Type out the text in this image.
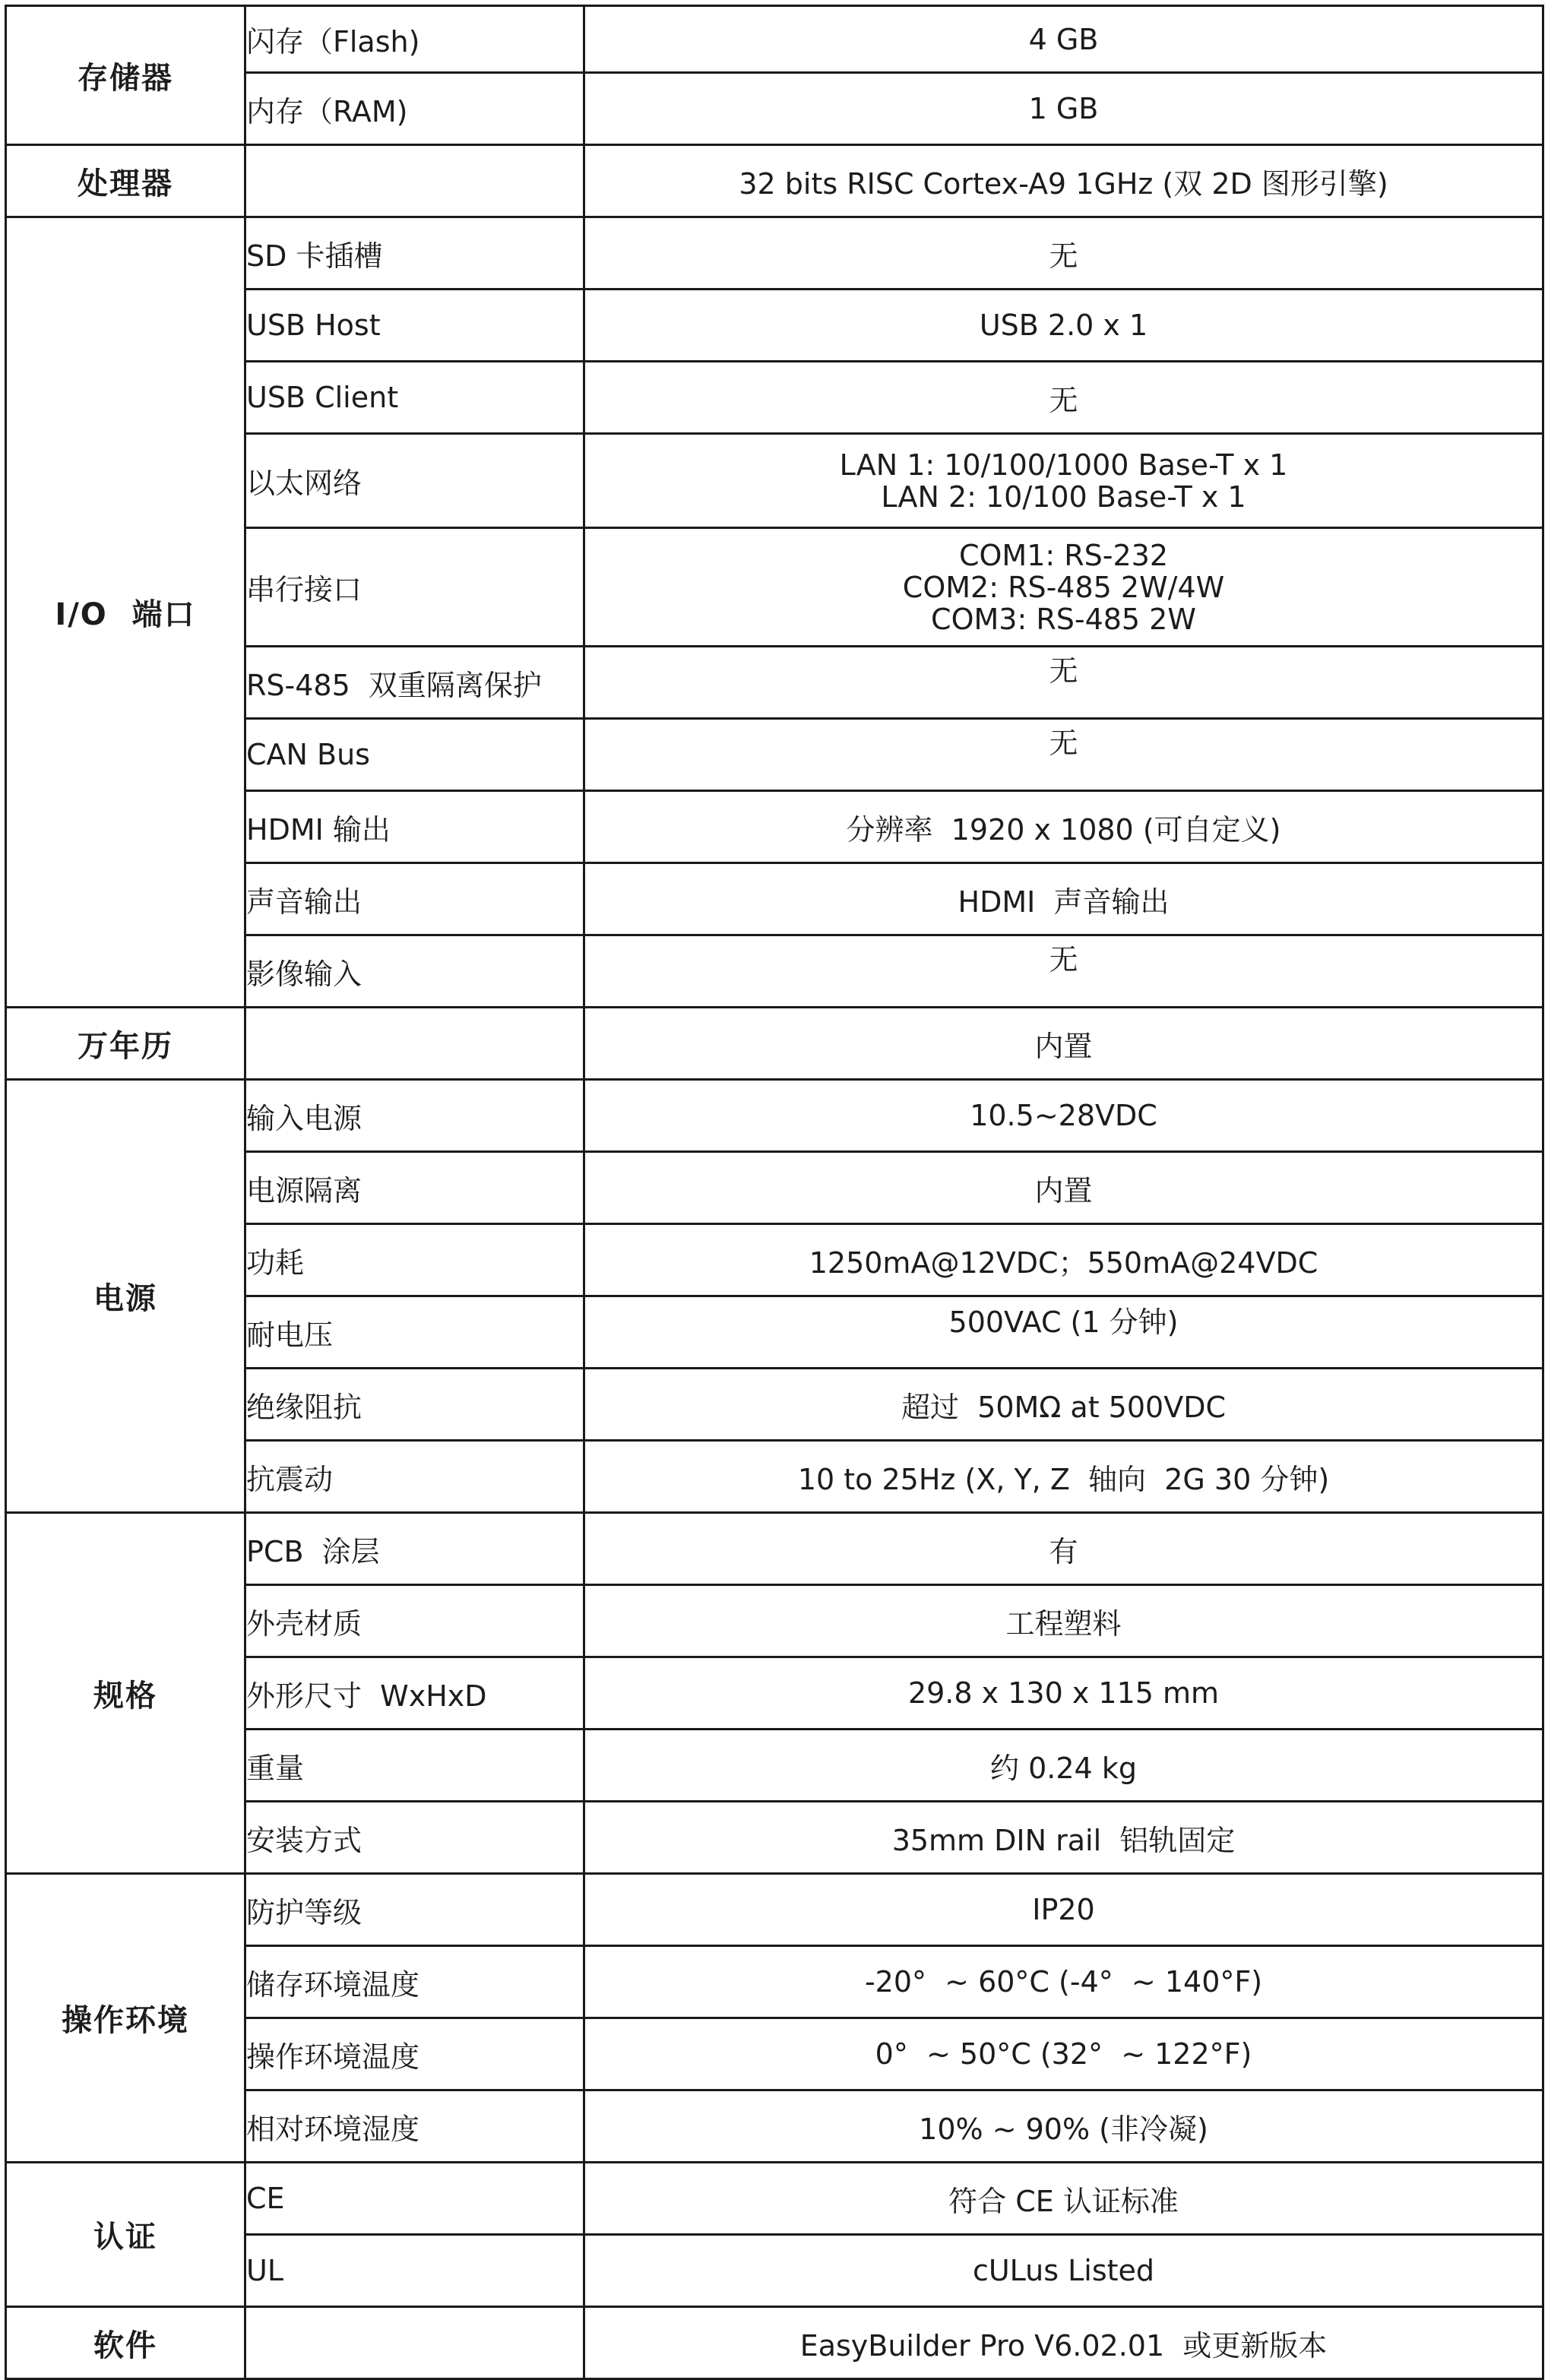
存储器	闪存（Flash)	4 GB
	内存（RAM)	1 GB
处理器		32 bits RISC Cortex-A9 1GHz (双 2D 图形引擎)
I/O  端口	SD 卡插槽	无
	USB Host	USB 2.0 x 1
	USB Client	无
	以太网络	LAN 1: 10/100/1000 Base-T x 1
LAN 2: 10/100 Base-T x 1

	串行接口	COM1: RS-232
COM2: RS-485 2W/4W
COM3: RS-485 2W

	RS-485  双重隔离保护	无
	CAN Bus	无
	HDMI 输出	分辨率  1920 x 1080 (可自定义)
	声音输出	HDMI  声音输出
	影像输入	无
万年历		内置
电源	输入电源	10.5~28VDC
	电源隔离	内置
	功耗	1250mA@12VDC；550mA@24VDC
	耐电压	500VAC (1 分钟)
	绝缘阻抗	超过  50MΩ at 500VDC
	抗震动	10 to 25Hz (X, Y, Z  轴向  2G 30 分钟)
规格	PCB  涂层	有
	外壳材质	工程塑料
	外形尺寸  WxHxD	29.8 x 130 x 115 mm
	重量	约 0.24 kg
	安装方式	35mm DIN rail  铝轨固定
操作环境	防护等级	IP20
	储存环境温度	-20°  ~ 60°C (-4°  ~ 140°F)
	操作环境温度	0°  ~ 50°C (32°  ~ 122°F)
	相对环境湿度	10% ~ 90% (非冷凝)
认证	CE	符合 CE 认证标准
	UL	cULus Listed
软件		EasyBuilder Pro V6.02.01  或更新版本
